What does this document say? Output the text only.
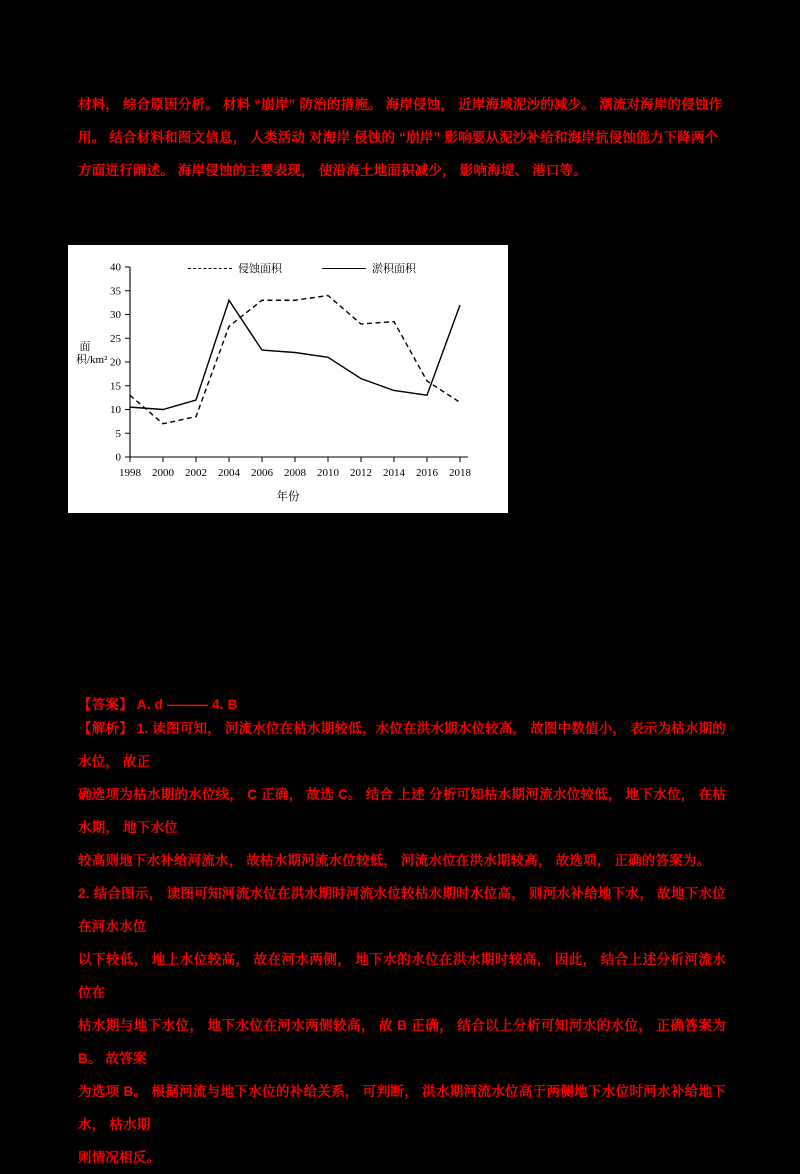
材料， 综合原因分析。 材料 “崩岸” 防治的措施。 海岸侵蚀， 近岸海域泥沙的减少。 潮流对海岸的侵蚀作
用。 结合材料和图文信息， 人类活动 对海岸 侵蚀的 “崩岸” 影响要从泥沙补给和海岸抗侵蚀能力下降两个
方面进行阐述。 海岸侵蚀的主要表现， 使沿海土地面积减少， 影响海堤、 港口等。
侵蚀面积	淤积面积
面积/km²
年份
0
5
10
15
20
25
30
35
40
1998 2000 2002 2004 2006 2008 2010 2012 2014 2016 2018
【答案】 A. d ——— 4. B
【解析】 1. 读图可知， 河流水位在枯水期较低，水位在洪水期水位较高， 故图中数值小， 表示为枯水期的水位， 故正
确选项为枯水期的水位线， C 正确， 故选 C。 结合 上述 分析可知枯水期河流水位较低， 地下水位， 在枯水期， 地下水位
较高则地下水补给河流水， 故枯水期河流水位较低， 河流水位在洪水期较高， 故选项， 正确的答案为。
2. 结合图示， 读图可知河流水位在洪水期时河流水位较枯水期时水位高， 则河水补给地下水， 故地下水位在河水水位
以下较低， 地上水位较高， 故在河水两侧， 地下水的水位在洪水期时较高， 因此， 结合上述分析河流水位在
枯水期与地下水位， 地下水位在河水两侧较高， 故 B 正确， 结合以上分析可知河水的水位， 正确答案为 B。 故答案
为选项 B。 根据河流与地下水位的补给关系， 可判断， 洪水期河流水位高于两侧地下水位时河水补给地下水， 枯水期
则情况相反。
